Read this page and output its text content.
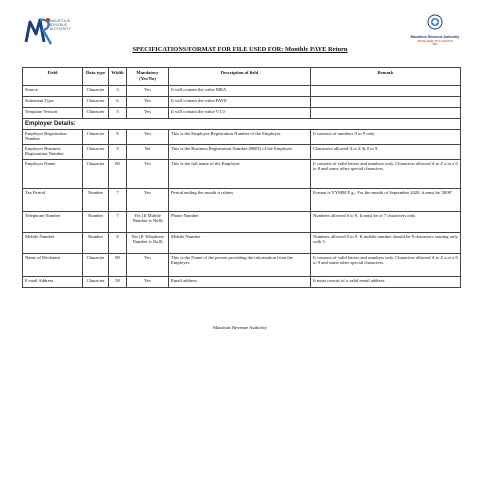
MAURITIUS
REVENUE
AUTHORITY
Mauritius Revenue Authority
WE'RE HERE WITH SERVICE
MRA
SPECIFICATIONS/FORMAT FOR FILE USED FOR: Monthly PAYE Return
Field	Data type	Width	Mandatory (Yes/No)	Description of field	Remark
Source	Character	3	Yes	It will contain the value MRA	
Statement Type	Character	6	Yes	It will contain the value PAYE	
Template Version	Character	5	Yes	It will contain the value V1.0	
Employer Details:					
Employer Registration Number	Character	8	Yes	This is the Employer Registration Number of the Employer.	It consists of numbers 0 to 9 only.
Employer Business Registration Number	Character	9	No	This is the Business Registration Number (BRN) of the Employer.	Characters allowed A to Z & 0 to 9.
Employer Name	Character	80	Yes	This is the full name of the Employer.	It consists of valid letters and numbers only. Characters allowed A to Z a to z 0 to 9 and some other special characters.
Tax Period	Number	7	Yes	Period ending the month it relates	Format is YYMM E.g.: For the month of September 2020, it must be '2009'
Telephone Number	Number	7	Yes (If Mobile Number is Null)	Phone Number	Numbers allowed 0 to 9. It must be of 7 characters only.
Mobile Number	Number	8	Yes (If Telephone Number is Null)	Mobile Number	Numbers allowed 0 to 9. If mobile number should be 8 characters starting only with 5.
Name of Declarant	Character	80	Yes	This is the Name of the person providing the information from the Employer.	It consists of valid letters and numbers only. Characters allowed A to Z a to z 0 to 9 and some other special characters.
E-mail Address	Character	50	Yes	Email address	It must consist of a valid email address
Mauritius Revenue Authority
